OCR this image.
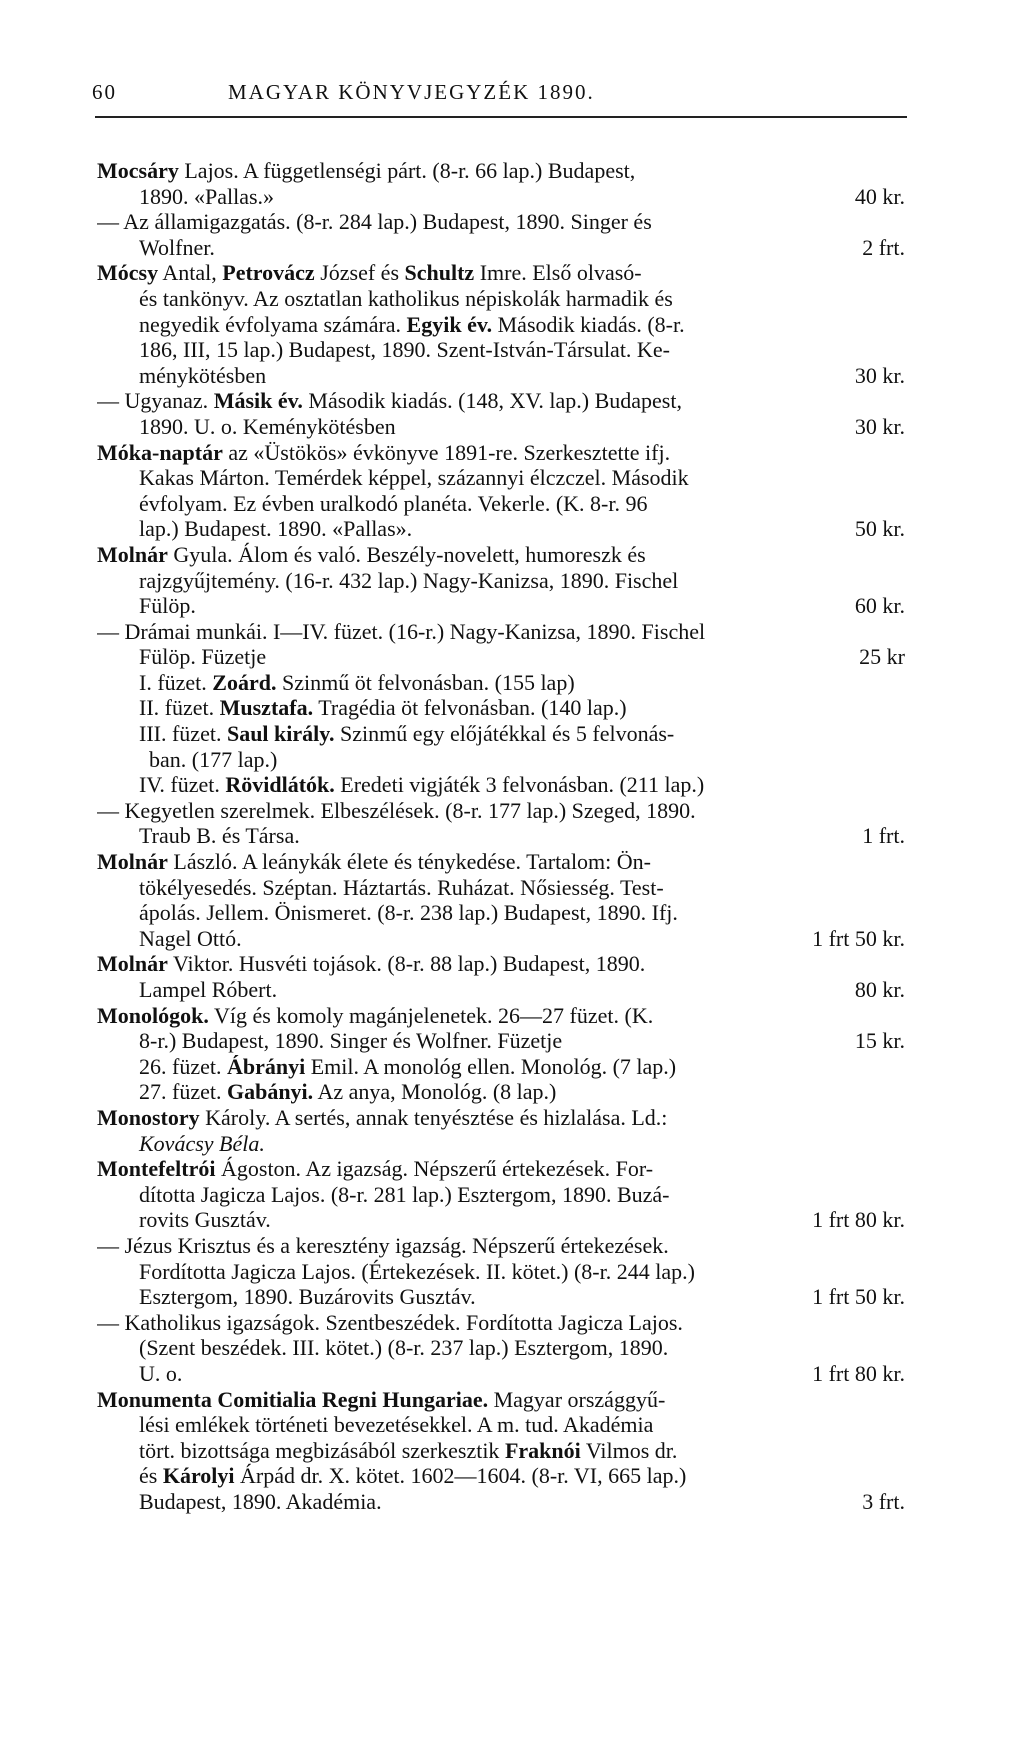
60	MAGYAR KÖNYVJEGYZÉK 1890.
Mocsáry Lajos. A függetlenségi párt. (8-r. 66 lap.) Budapest,
1890. «Pallas.»	40 kr.
— Az államigazgatás. (8-r. 284 lap.) Budapest, 1890. Singer és
Wolfner.	2 frt.
Mócsy Antal, Petrovácz József és Schultz Imre. Első olvasó-
és tankönyv. Az osztatlan katholikus népiskolák harmadik és
negyedik évfolyama számára. Egyik év. Második kiadás. (8-r.
186, III, 15 lap.) Budapest, 1890. Szent-István-Társulat. Ke-
ménykötésben	30 kr.
— Ugyanaz. Másik év. Második kiadás. (148, XV. lap.) Budapest,
1890. U. o. Keménykötésben	30 kr.
Móka-naptár az «Üstökös» évkönyve 1891-re. Szerkesztette ifj.
Kakas Márton. Temérdek képpel, százannyi élczczel. Második
évfolyam. Ez évben uralkodó planéta. Vekerle. (K. 8-r. 96
lap.) Budapest. 1890. «Pallas».	50 kr.
Molnár Gyula. Álom és való. Beszély-novelett, humoreszk és
rajzgyűjtemény. (16-r. 432 lap.) Nagy-Kanizsa, 1890. Fischel
Fülöp.	60 kr.
— Drámai munkái. I—IV. füzet. (16-r.) Nagy-Kanizsa, 1890. Fischel
Fülöp. Füzetje	25 kr
I. füzet. Zoárd. Szinmű öt felvonásban. (155 lap)
II. füzet. Musztafa. Tragédia öt felvonásban. (140 lap.)
III. füzet. Saul király. Szinmű egy előjátékkal és 5 felvonás-
ban. (177 lap.)
IV. füzet. Rövidlátók. Eredeti vigjáték 3 felvonásban. (211 lap.)
— Kegyetlen szerelmek. Elbeszélések. (8-r. 177 lap.) Szeged, 1890.
Traub B. és Társa.	1 frt.
Molnár László. A leánykák élete és ténykedése. Tartalom: Ön-
tökélyesedés. Széptan. Háztartás. Ruházat. Nősiesség. Test-
ápolás. Jellem. Önismeret. (8-r. 238 lap.) Budapest, 1890. Ifj.
Nagel Ottó.	1 frt 50 kr.
Molnár Viktor. Husvéti tojások. (8-r. 88 lap.) Budapest, 1890.
Lampel Róbert.	80 kr.
Monológok. Víg és komoly magánjelenetek. 26—27 füzet. (K.
8-r.) Budapest, 1890. Singer és Wolfner. Füzetje	15 kr.
26. füzet. Ábrányi Emil. A monológ ellen. Monológ. (7 lap.)
27. füzet. Gabányi. Az anya, Monológ. (8 lap.)
Monostory Károly. A sertés, annak tenyésztése és hizlalása. Ld.:
Kovácsy Béla.
Montefeltrói Ágoston. Az igazság. Népszerű értekezések. For-
dította Jagicza Lajos. (8-r. 281 lap.) Esztergom, 1890. Buzá-
rovits Gusztáv.	1 frt 80 kr.
— Jézus Krisztus és a keresztény igazság. Népszerű értekezések.
Fordította Jagicza Lajos. (Értekezések. II. kötet.) (8-r. 244 lap.)
Esztergom, 1890. Buzárovits Gusztáv.	1 frt 50 kr.
— Katholikus igazságok. Szentbeszédek. Fordította Jagicza Lajos.
(Szent beszédek. III. kötet.) (8-r. 237 lap.) Esztergom, 1890.
U. o.	1 frt 80 kr.
Monumenta Comitialia Regni Hungariae. Magyar országgyű-
lési emlékek történeti bevezetésekkel. A m. tud. Akadémia
tört. bizottsága megbizásából szerkesztik Fraknói Vilmos dr.
és Károlyi Árpád dr. X. kötet. 1602—1604. (8-r. VI, 665 lap.)
Budapest, 1890. Akadémia.	3 frt.
